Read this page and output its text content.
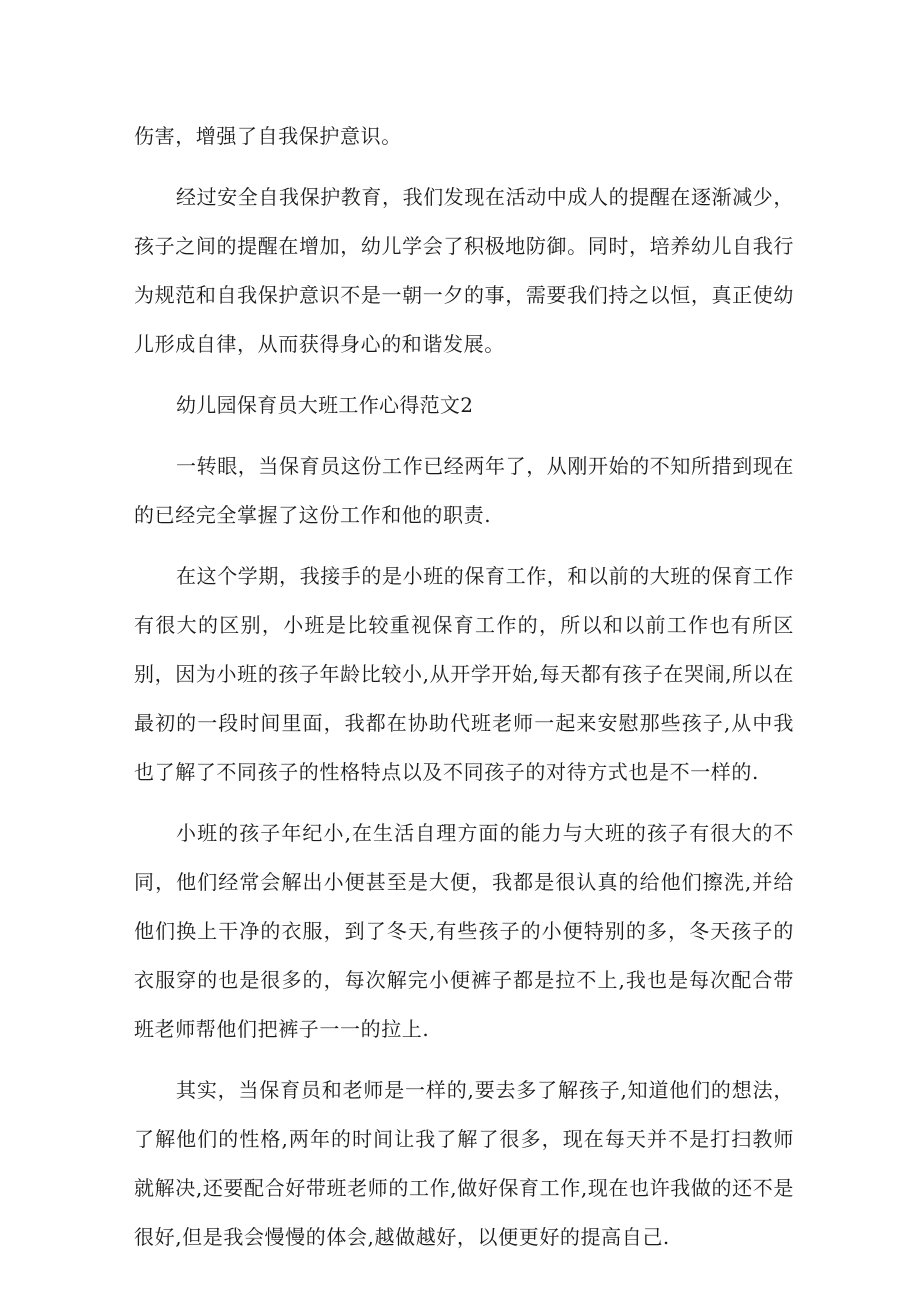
伤害，增强了自我保护意识。

经过安全自我保护教育，我们发现在活动中成人的提醒在逐渐减少，孩子之间的提醒在增加，幼儿学会了积极地防御。同时，培养幼儿自我行为规范和自我保护意识不是一朝一夕的事，需要我们持之以恒，真正使幼儿形成自律，从而获得身心的和谐发展。

幼儿园保育员大班工作心得范文2

一转眼，当保育员这份工作已经两年了，从刚开始的不知所措到现在的已经完全掌握了这份工作和他的职责.

在这个学期，我接手的是小班的保育工作，和以前的大班的保育工作有很大的区别，小班是比较重视保育工作的，所以和以前工作也有所区别，因为小班的孩子年龄比较小,从开学开始,每天都有孩子在哭闹,所以在最初的一段时间里面，我都在协助代班老师一起来安慰那些孩子,从中我也了解了不同孩子的性格特点以及不同孩子的对待方式也是不一样的.

小班的孩子年纪小,在生活自理方面的能力与大班的孩子有很大的不同，他们经常会解出小便甚至是大便，我都是很认真的给他们擦洗,并给他们换上干净的衣服，到了冬天,有些孩子的小便特别的多，冬天孩子的衣服穿的也是很多的，每次解完小便裤子都是拉不上,我也是每次配合带班老师帮他们把裤子一一的拉上.

其实，当保育员和老师是一样的,要去多了解孩子,知道他们的想法，了解他们的性格,两年的时间让我了解了很多，现在每天并不是打扫教师就解决,还要配合好带班老师的工作,做好保育工作,现在也许我做的还不是很好,但是我会慢慢的体会,越做越好，以便更好的提高自己.
